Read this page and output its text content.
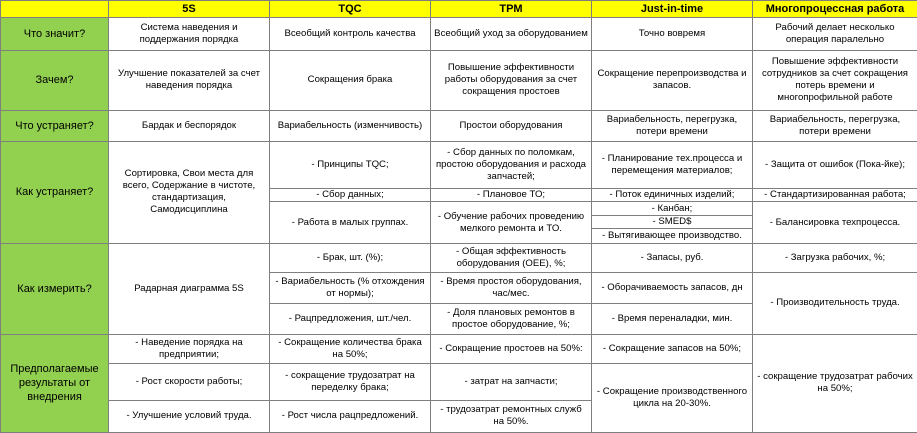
	5S	TQC	TPM	Just-in-time	Многопроцессная работа
Что значит?	Система наведения и поддержания порядка	Всеобщий контроль качества	Всеобщий уход за оборудованием	Точно вовремя	Рабочий делает несколько операция паралельно
Зачем?	Улучшение показателей за счет наведения порядка	Сокращения брака	Повышение эффективности работы оборудования за счет сокращения простоев	Сокращение перепроизводства и запасов.	Повышение эффективности сотрудников за счет сокращения потерь времени и многопрофильной работе
Что устраняет?	Бардак и беспорядок	Вариабельность (изменчивость)	Простои оборудования	Вариабельность, перегрузка, потери времени	Вариабельность, перегрузка, потери времени
Как устраняет?	Сортировка, Свои места для всего, Содержание в чистоте, стандартизация, Самодисциплина	- Принципы TQC;	- Сбор данных по поломкам, простою оборудования и расхода запчастей;	- Планирование тех.процесса и перемещения материалов;	- Защита от ошибок (Пока-йке);
		- Сбор данных;	- Плановое ТО;	- Поток единичных изделий;	- Стандартизированная работа;
		- Работа в малых группах.	- Обучение рабочих проведению мелкого ремонта и ТО.	- Канбан;	- Балансировка техпроцесса.
				- SMED$	
				- Вытягивающее производство.	
Как измерить?	Радарная диаграмма 5S	- Брак, шт. (%);	- Общая эффективность оборудования (OEE), %;	- Запасы, руб.	- Загрузка рабочих, %;
		- Вариабельность (% отхождения от нормы);	- Время простоя оборудования, час/мес.	- Оборачиваемость запасов, дн	- Производительность труда.
		- Рацпредложения, шт./чел.	- Доля плановых ремонтов в простое оборудование, %;	- Время переналадки, мин.	
Предполагаемые результаты от внедрения	- Наведение порядка на предприятии;	- Сокращение количества брака на 50%;	- Сокращение простоев на 50%:	- Сокращение запасов на 50%;	- сокращение трудозатрат рабочих на 50%;
	- Рост скорости работы;	- сокращение трудозатрат на переделку брака;	- затрат на запчасти;	- Сокращение производственного цикла на 20-30%.	
	- Улучшение условий труда.	- Рост числа рацпредложений.	- трудозатрат ремонтных служб на 50%.		
